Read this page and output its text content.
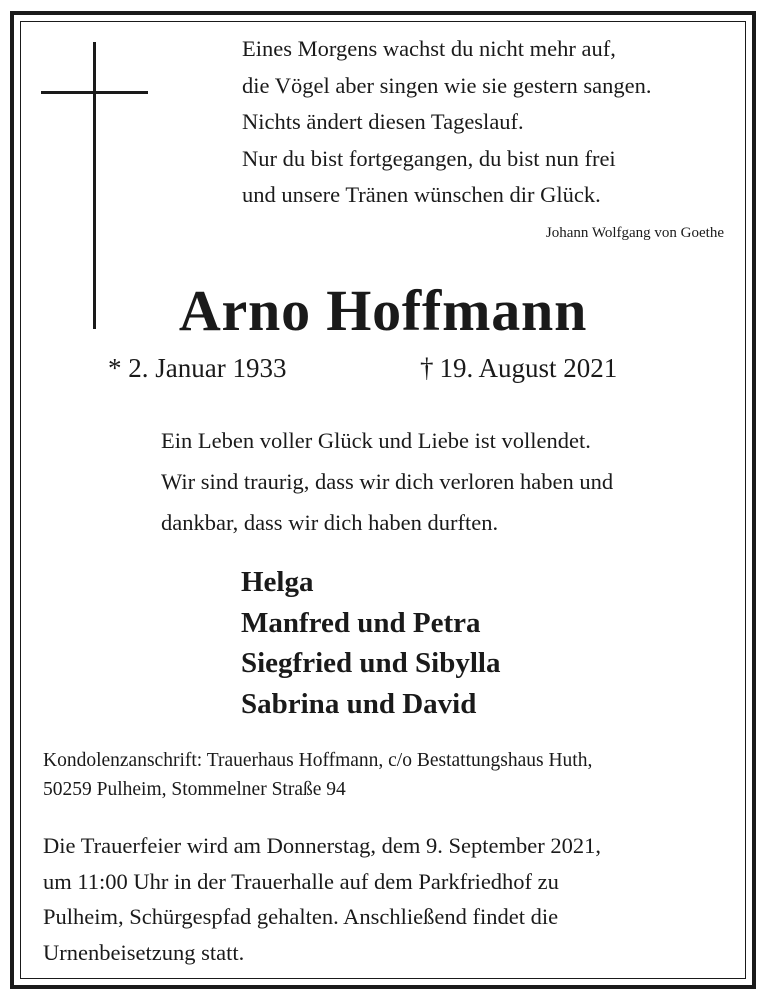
Eines Morgens wachst du nicht mehr auf,
die Vögel aber singen wie sie gestern sangen.
Nichts ändert diesen Tageslauf.
Nur du bist fortgegangen, du bist nun frei
und unsere Tränen wünschen dir Glück.
Johann Wolfgang von Goethe
Arno Hoffmann
* 2. Januar 1933	† 19. August 2021
Ein Leben voller Glück und Liebe ist vollendet.
Wir sind traurig, dass wir dich verloren haben und
dankbar, dass wir dich haben durften.
Helga
Manfred und Petra
Siegfried und Sibylla
Sabrina und David
Kondolenzanschrift: Trauerhaus Hoffmann, c/o Bestattungshaus Huth,
50259 Pulheim, Stommelner Straße 94
Die Trauerfeier wird am Donnerstag, dem 9. September 2021,
um 11:00 Uhr in der Trauerhalle auf dem Parkfriedhof zu
Pulheim, Schürgespfad gehalten. Anschließend findet die
Urnenbeisetzung statt.
